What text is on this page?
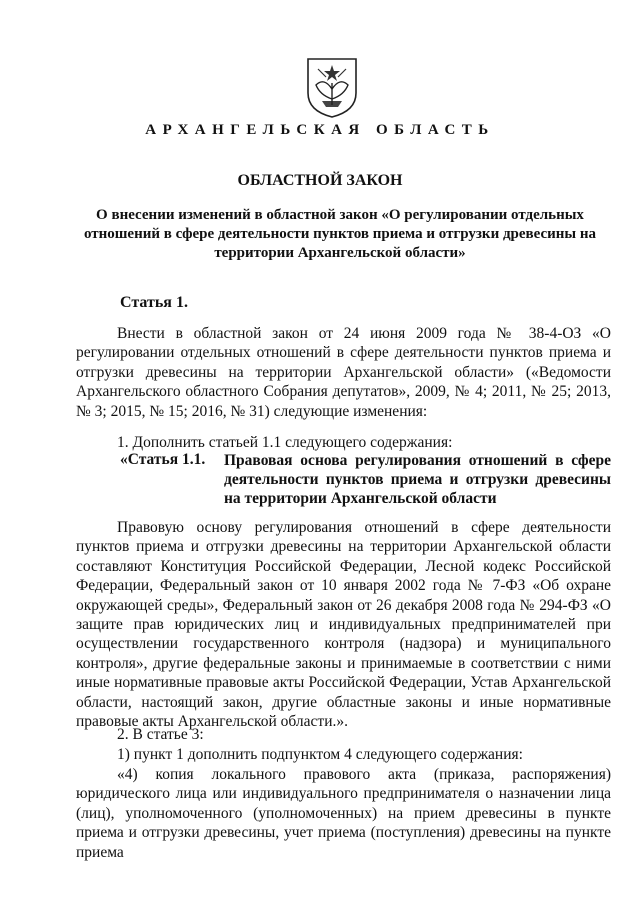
АРХАНГЕЛЬСКАЯ ОБЛАСТЬ
ОБЛАСТНОЙ ЗАКОН
О внесении изменений в областной закон «О регулировании отдельных отношений в сфере деятельности пунктов приема и отгрузки древесины на территории Архангельской области»
Статья 1.
Внести в областной закон от 24 июня 2009 года № 38-4-ОЗ «О регулировании отдельных отношений в сфере деятельности пунктов приема и отгрузки древесины на территории Архангельской области» («Ведомости Архангельского областного Собрания депутатов», 2009, № 4; 2011, № 25; 2013, № 3; 2015, № 15; 2016, № 31) следующие изменения:
1. Дополнить статьей 1.1 следующего содержания:
«Статья 1.1. Правовая основа регулирования отношений в сфере деятельности пунктов приема и отгрузки древесины на территории Архангельской области
Правовую основу регулирования отношений в сфере деятельности пунктов приема и отгрузки древесины на территории Архангельской области составляют Конституция Российской Федерации, Лесной кодекс Российской Федерации, Федеральный закон от 10 января 2002 года № 7-ФЗ «Об охране окружающей среды», Федеральный закон от 26 декабря 2008 года № 294-ФЗ «О защите прав юридических лиц и индивидуальных предпринимателей при осуществлении государственного контроля (надзора) и муниципального контроля», другие федеральные законы и принимаемые в соответствии с ними иные нормативные правовые акты Российской Федерации, Устав Архангельской области, настоящий закон, другие областные законы и иные нормативные правовые акты Архангельской области.».
2. В статье 3:
1) пункт 1 дополнить подпунктом 4 следующего содержания:
«4) копия локального правового акта (приказа, распоряжения) юридического лица или индивидуального предпринимателя о назначении лица (лиц), уполномоченного (уполномоченных) на прием древесины в пункте приема и отгрузки древесины, учет приема (поступления) древесины на пункте приема
